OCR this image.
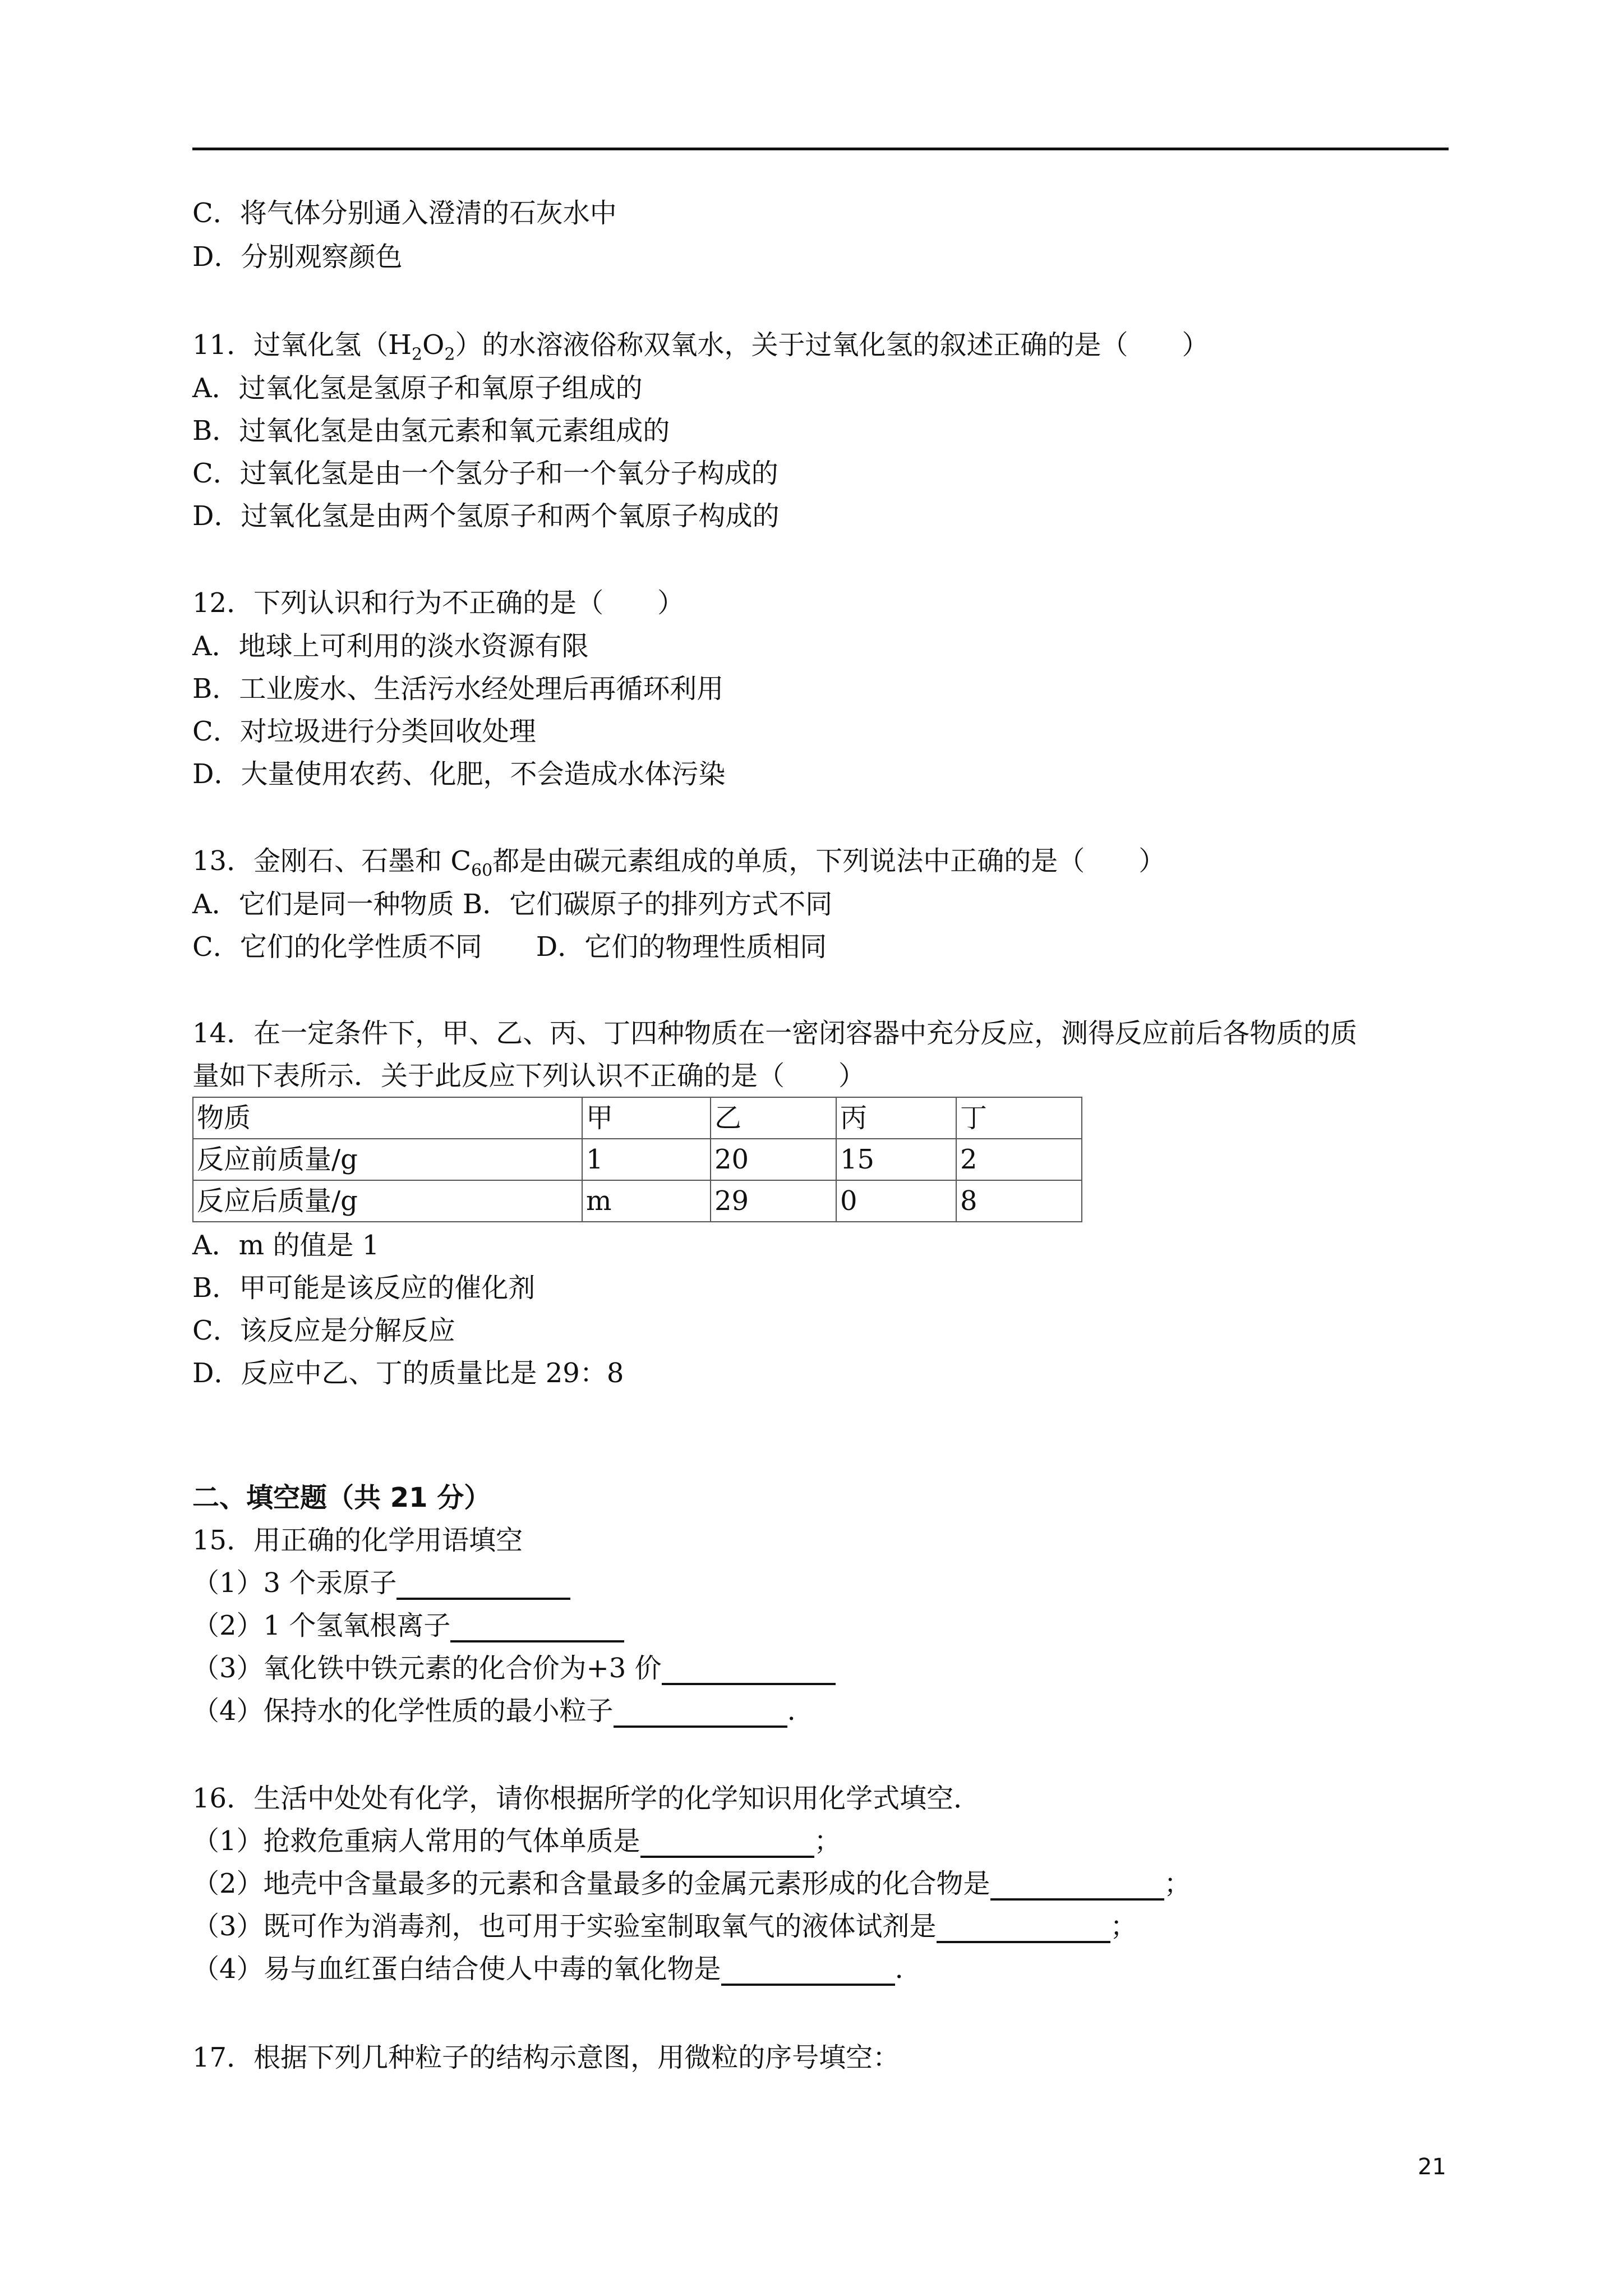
C．将气体分别通入澄清的石灰水中
D．分别观察颜色
11．过氧化氢$(H_2O_2)$的水溶液俗称双氧水，关于过氧化氢的叙述正确的是（　　）
A．过氧化氢是氢原子和氧原子组成的
B．过氧化氢是由氢元素和氧元素组成的
C．过氧化氢是由一个氢分子和一个氧分子构成的
D．过氧化氢是由两个氢原子和两个氧原子构成的
12．下列认识和行为不正确的是（　　）
A．地球上可利用的淡水资源有限
B．工业废水、生活污水经处理后再循环利用
C．对垃圾进行分类回收处理
D．大量使用农药、化肥，不会造成水体污染
13．金刚石、石墨和 $C_{60}$都是由碳元素组成的单质，下列说法中正确的是（　　）
A．它们是同一种物质 B．它们碳原子的排列方式不同
C．它们的化学性质不同　　D．它们的物理性质相同
14．在一定条件下，甲、乙、丙、丁四种物质在一密闭容器中充分反应，测得反应前后各物质的质
量如下表所示．关于此反应下列认识不正确的是（　　）
物质	甲	乙	丙	丁
反应前质量/g	1	20	15	2
反应后质量/g	m	29	0	8
A．m 的值是 1
B．甲可能是该反应的催化剂
C．该反应是分解反应
D．反应中乙、丁的质量比是 29：8
二、填空题（共 21 分）
15．用正确的化学用语填空
（1）3 个汞原子
（2）1 个氢氧根离子
（3）氧化铁中铁元素的化合价为+3 价
（4）保持水的化学性质的最小粒子	.
16．生活中处处有化学，请你根据所学的化学知识用化学式填空．
（1）抢救危重病人常用的气体单质是	；
（2）地壳中含量最多的元素和含量最多的金属元素形成的化合物是	；
（3）既可作为消毒剂，也可用于实验室制取氧气的液体试剂是	；
（4）易与血红蛋白结合使人中毒的氧化物是	.
17．根据下列几种粒子的结构示意图，用微粒的序号填空：
21
